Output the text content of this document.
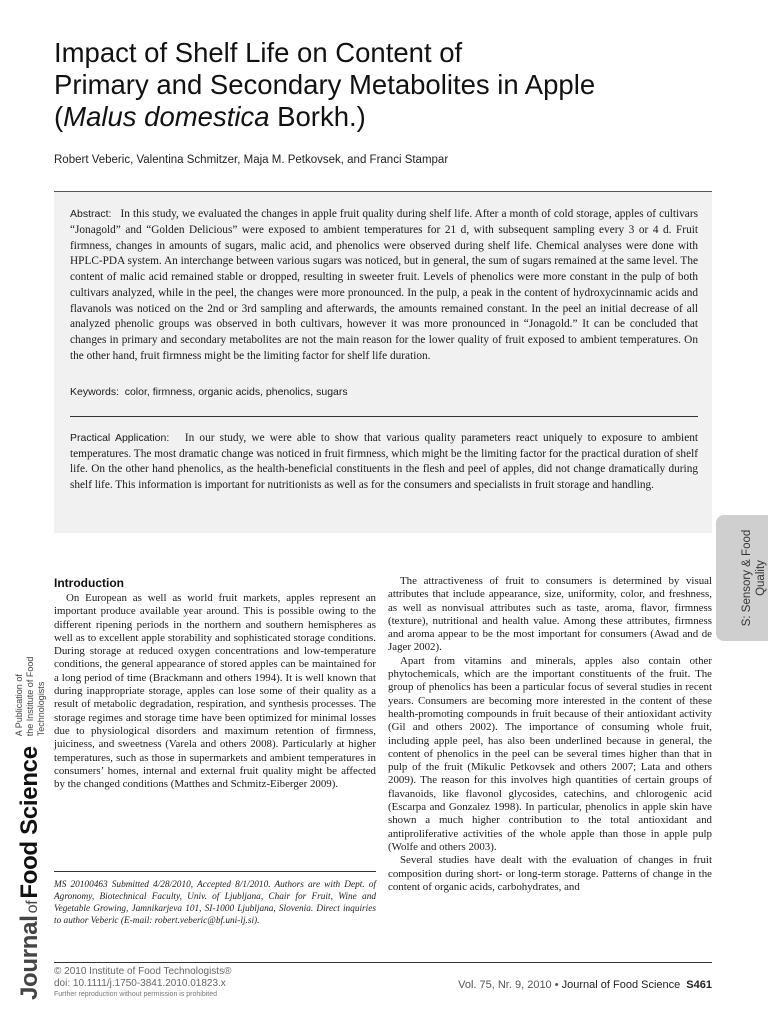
Impact of Shelf Life on Content of
Primary and Secondary Metabolites in Apple
(Malus domestica Borkh.)
Robert Veberic, Valentina Schmitzer, Maja M. Petkovsek, and Franci Stampar

Abstract: In this study, we evaluated the changes in apple fruit quality during shelf life. After a month of cold storage, apples of cultivars “Jonagold” and “Golden Delicious” were exposed to ambient temperatures for 21 d, with subsequent sampling every 3 or 4 d. Fruit firmness, changes in amounts of sugars, malic acid, and phenolics were observed during shelf life. Chemical analyses were done with HPLC-PDA system. An interchange between various sugars was noticed, but in general, the sum of sugars remained at the same level. The content of malic acid remained stable or dropped, resulting in sweeter fruit. Levels of phenolics were more constant in the pulp of both cultivars analyzed, while in the peel, the changes were more pronounced. In the pulp, a peak in the content of hydroxycinnamic acids and flavanols was noticed on the 2nd or 3rd sampling and afterwards, the amounts remained constant. In the peel an initial decrease of all analyzed phenolic groups was observed in both cultivars, however it was more pronounced in “Jonagold.” It can be concluded that changes in primary and secondary metabolites are not the main reason for the lower quality of fruit exposed to ambient temperatures. On the other hand, fruit firmness might be the limiting factor for shelf life duration.

Keywords: color, firmness, organic acids, phenolics, sugars

Practical Application: In our study, we were able to show that various quality parameters react uniquely to exposure to ambient temperatures. The most dramatic change was noticed in fruit firmness, which might be the limiting factor for the practical duration of shelf life. On the other hand phenolics, as the health-beneficial constituents in the flesh and peel of apples, did not change dramatically during shelf life. This information is important for nutritionists as well as for the consumers and specialists in fruit storage and handling.

S: Sensory & Food Quality
JournalofFood Science
A Publication of the Institute of Food Technologists
Introduction

On European as well as world fruit markets, apples represent an important produce available year around. This is possible owing to the different ripening periods in the northern and southern hemispheres as well as to excellent apple storability and sophisticated storage conditions. During storage at reduced oxygen concentrations and low-temperature conditions, the general appearance of stored apples can be maintained for a long period of time (Brackmann and others 1994). It is well known that during inappropriate storage, apples can lose some of their quality as a result of metabolic degradation, respiration, and synthesis processes. The storage regimes and storage time have been optimized for minimal losses due to physiological disorders and maximum retention of firmness, juiciness, and sweetness (Varela and others 2008). Particularly at higher temperatures, such as those in supermarkets and ambient temperatures in consumers’ homes, internal and external fruit quality might be affected by the changed conditions (Matthes and Schmitz-Eiberger 2009).

The attractiveness of fruit to consumers is determined by visual attributes that include appearance, size, uniformity, color, and freshness, as well as nonvisual attributes such as taste, aroma, flavor, firmness (texture), nutritional and health value. Among these attributes, firmness and aroma appear to be the most important for consumers (Awad and de Jager 2002).

Apart from vitamins and minerals, apples also contain other phytochemicals, which are the important constituents of the fruit. The group of phenolics has been a particular focus of several studies in recent years. Consumers are becoming more interested in the content of these health-promoting compounds in fruit because of their antioxidant activity (Gil and others 2002). The importance of consuming whole fruit, including apple peel, has also been underlined because in general, the content of phenolics in the peel can be several times higher than that in pulp of the fruit (Mikulic Petkovsek and others 2007; Lata and others 2009). The reason for this involves high quantities of certain groups of flavanoids, like flavonol glycosides, catechins, and chlorogenic acid (Escarpa and Gonzalez 1998). In particular, phenolics in apple skin have shown a much higher contribution to the total antioxidant and antiproliferative activities of the whole apple than those in apple pulp (Wolfe and others 2003).

Several studies have dealt with the evaluation of changes in fruit composition during short- or long-term storage. Patterns of change in the content of organic acids, carbohydrates, and

MS 20100463 Submitted 4/28/2010, Accepted 8/1/2010. Authors are with Dept. of Agronomy, Biotechnical Faculty, Univ. of Ljubljana, Chair for Fruit, Wine and Vegetable Growing, Jamnikarjeva 101, SI-1000 Ljubljana, Slovenia. Direct inquiries to author Veberic (E-mail: robert.veberic@bf.uni-lj.si).

© 2010 Institute of Food Technologists®
doi: 10.1111/j.1750-3841.2010.01823.x
Further reproduction without permission is prohibited
Vol. 75, Nr. 9, 2010 • Journal of Food Science S461
